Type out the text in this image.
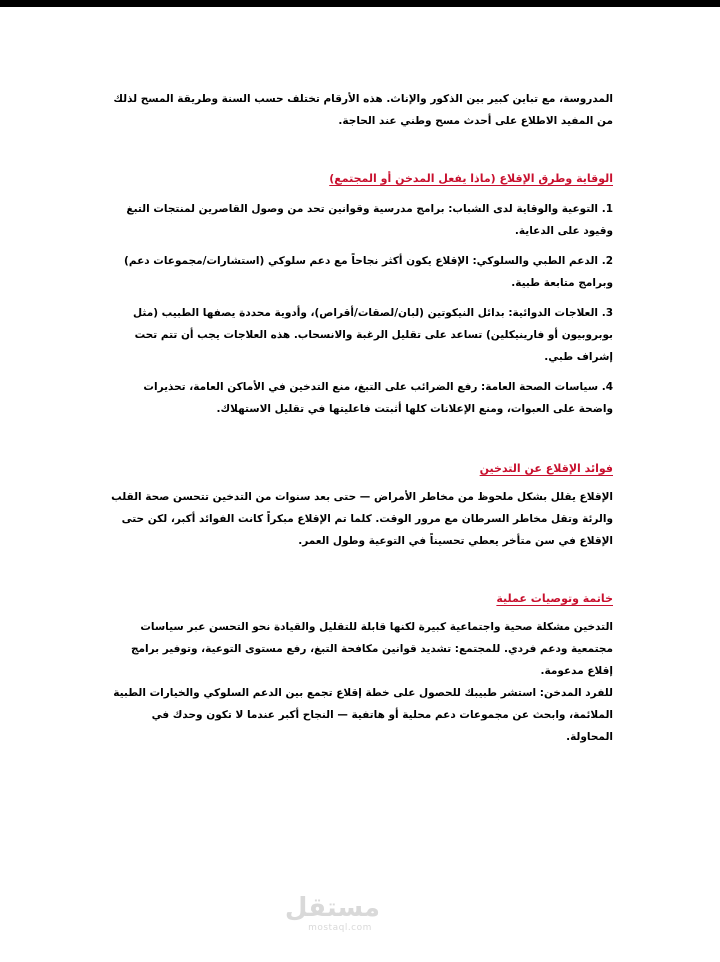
المدروسة، مع تباين كبير بين الذكور والإناث. هذه الأرقام تختلف حسب السنة وطريقة المسح لذلك من المفيد الاطلاع على أحدث مسح وطني عند الحاجة.

الوقاية وطرق الإقلاع (ماذا يفعل المدخن أو المجتمع)

1. التوعية والوقاية لدى الشباب: برامج مدرسية وقوانين تحد من وصول القاصرين لمنتجات التبغ وقيود على الدعاية.

2. الدعم الطبي والسلوكي: الإقلاع يكون أكثر نجاحاً مع دعم سلوكي (استشارات/مجموعات دعم) وبرامج متابعة طبية.

3. العلاجات الدوائية: بدائل النيكوتين (لبان/لصقات/أقراص)، وأدوية محددة يصفها الطبيب (مثل بوبروبيون أو فارينيكلين) تساعد على تقليل الرغبة والانسحاب. هذه العلاجات يجب أن تتم تحت إشراف طبي.

4. سياسات الصحة العامة: رفع الضرائب على التبغ، منع التدخين في الأماكن العامة، تحذيرات واضحة على العبوات، ومنع الإعلانات كلها أثبتت فاعليتها في تقليل الاستهلاك.

فوائد الإقلاع عن التدخين

الإقلاع يقلل بشكل ملحوظ من مخاطر الأمراض — حتى بعد سنوات من التدخين تتحسن صحة القلب والرئة وتقل مخاطر السرطان مع مرور الوقت. كلما تم الإقلاع مبكراً كانت الفوائد أكبر، لكن حتى الإقلاع في سن متأخر يعطي تحسيناً في التوعية وطول العمر.

خاتمة وتوصيات عملية

التدخين مشكلة صحية واجتماعية كبيرة لكنها قابلة للتقليل والقيادة نحو التحسن عبر سياسات مجتمعية ودعم فردي. للمجتمع: تشديد قوانين مكافحة التبغ، رفع مستوى التوعية، وتوفير برامج إقلاع مدعومة.

للفرد المدخن: استشر طبيبك للحصول على خطة إقلاع تجمع بين الدعم السلوكي والخيارات الطبية الملائمة، وابحث عن مجموعات دعم محلية أو هاتفية — النجاح أكبر عندما لا تكون وحدك في المحاولة.

مستقل
mostaql.com
